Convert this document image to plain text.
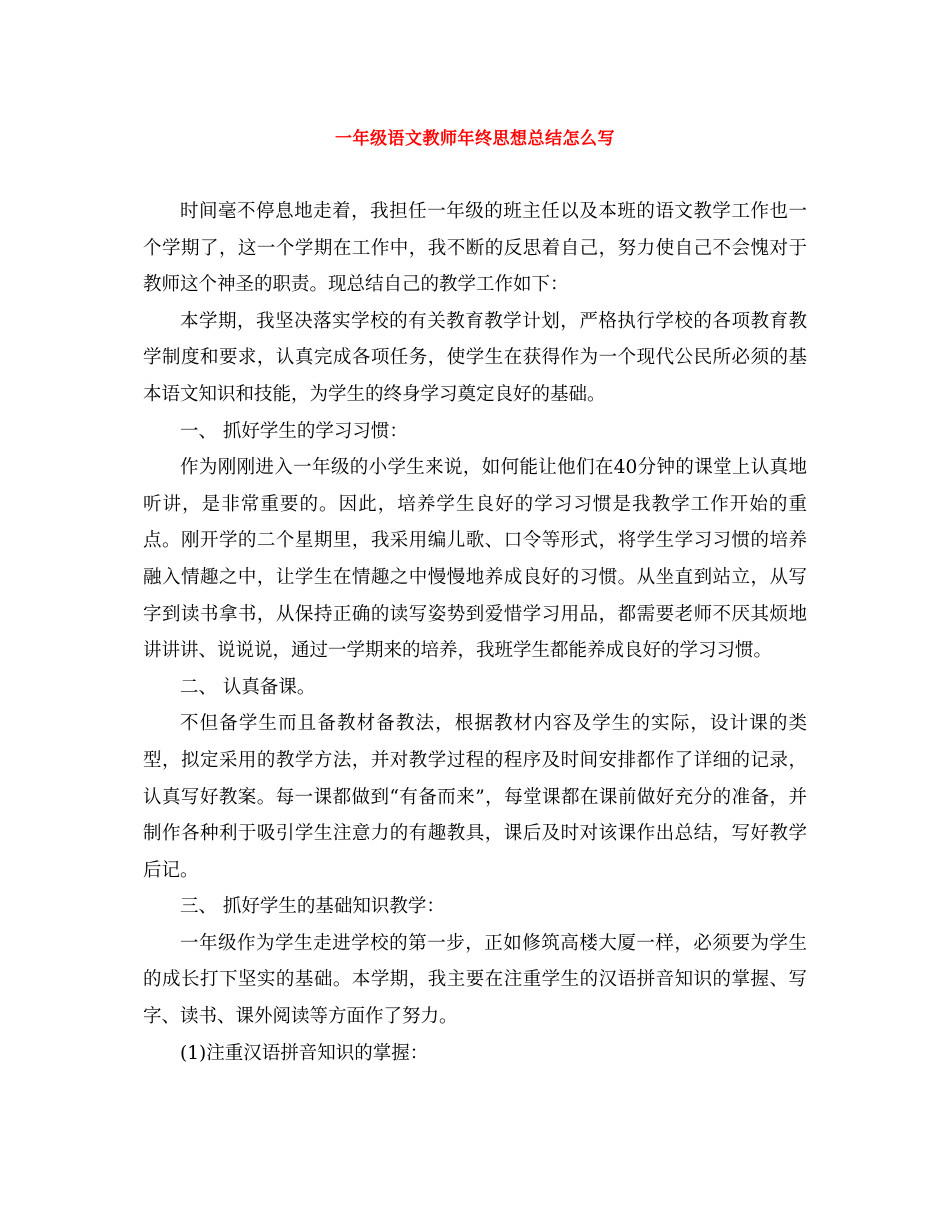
一年级语文教师年终思想总结怎么写

时间毫不停息地走着，我担任一年级的班主任以及本班的语文教学工作也一个学期了，这一个学期在工作中，我不断的反思着自己，努力使自己不会愧对于教师这个神圣的职责。现总结自己的教学工作如下：

本学期，我坚决落实学校的有关教育教学计划，严格执行学校的各项教育教学制度和要求，认真完成各项任务，使学生在获得作为一个现代公民所必须的基本语文知识和技能，为学生的终身学习奠定良好的基础。

一、 抓好学生的学习习惯：

作为刚刚进入一年级的小学生来说，如何能让他们在40分钟的课堂上认真地听讲，是非常重要的。因此，培养学生良好的学习习惯是我教学工作开始的重点。刚开学的二个星期里，我采用编儿歌、口令等形式，将学生学习习惯的培养融入情趣之中，让学生在情趣之中慢慢地养成良好的习惯。从坐直到站立，从写字到读书拿书，从保持正确的读写姿势到爱惜学习用品，都需要老师不厌其烦地讲讲讲、说说说，通过一学期来的培养，我班学生都能养成良好的学习习惯。

二、 认真备课。

不但备学生而且备教材备教法，根据教材内容及学生的实际，设计课的类型，拟定采用的教学方法，并对教学过程的程序及时间安排都作了详细的记录，认真写好教案。每一课都做到“有备而来”，每堂课都在课前做好充分的准备，并制作各种利于吸引学生注意力的有趣教具，课后及时对该课作出总结，写好教学后记。

三、 抓好学生的基础知识教学：

一年级作为学生走进学校的第一步，正如修筑高楼大厦一样，必须要为学生的成长打下坚实的基础。本学期，我主要在注重学生的汉语拼音知识的掌握、写字、读书、课外阅读等方面作了努力。

(1)注重汉语拼音知识的掌握：
